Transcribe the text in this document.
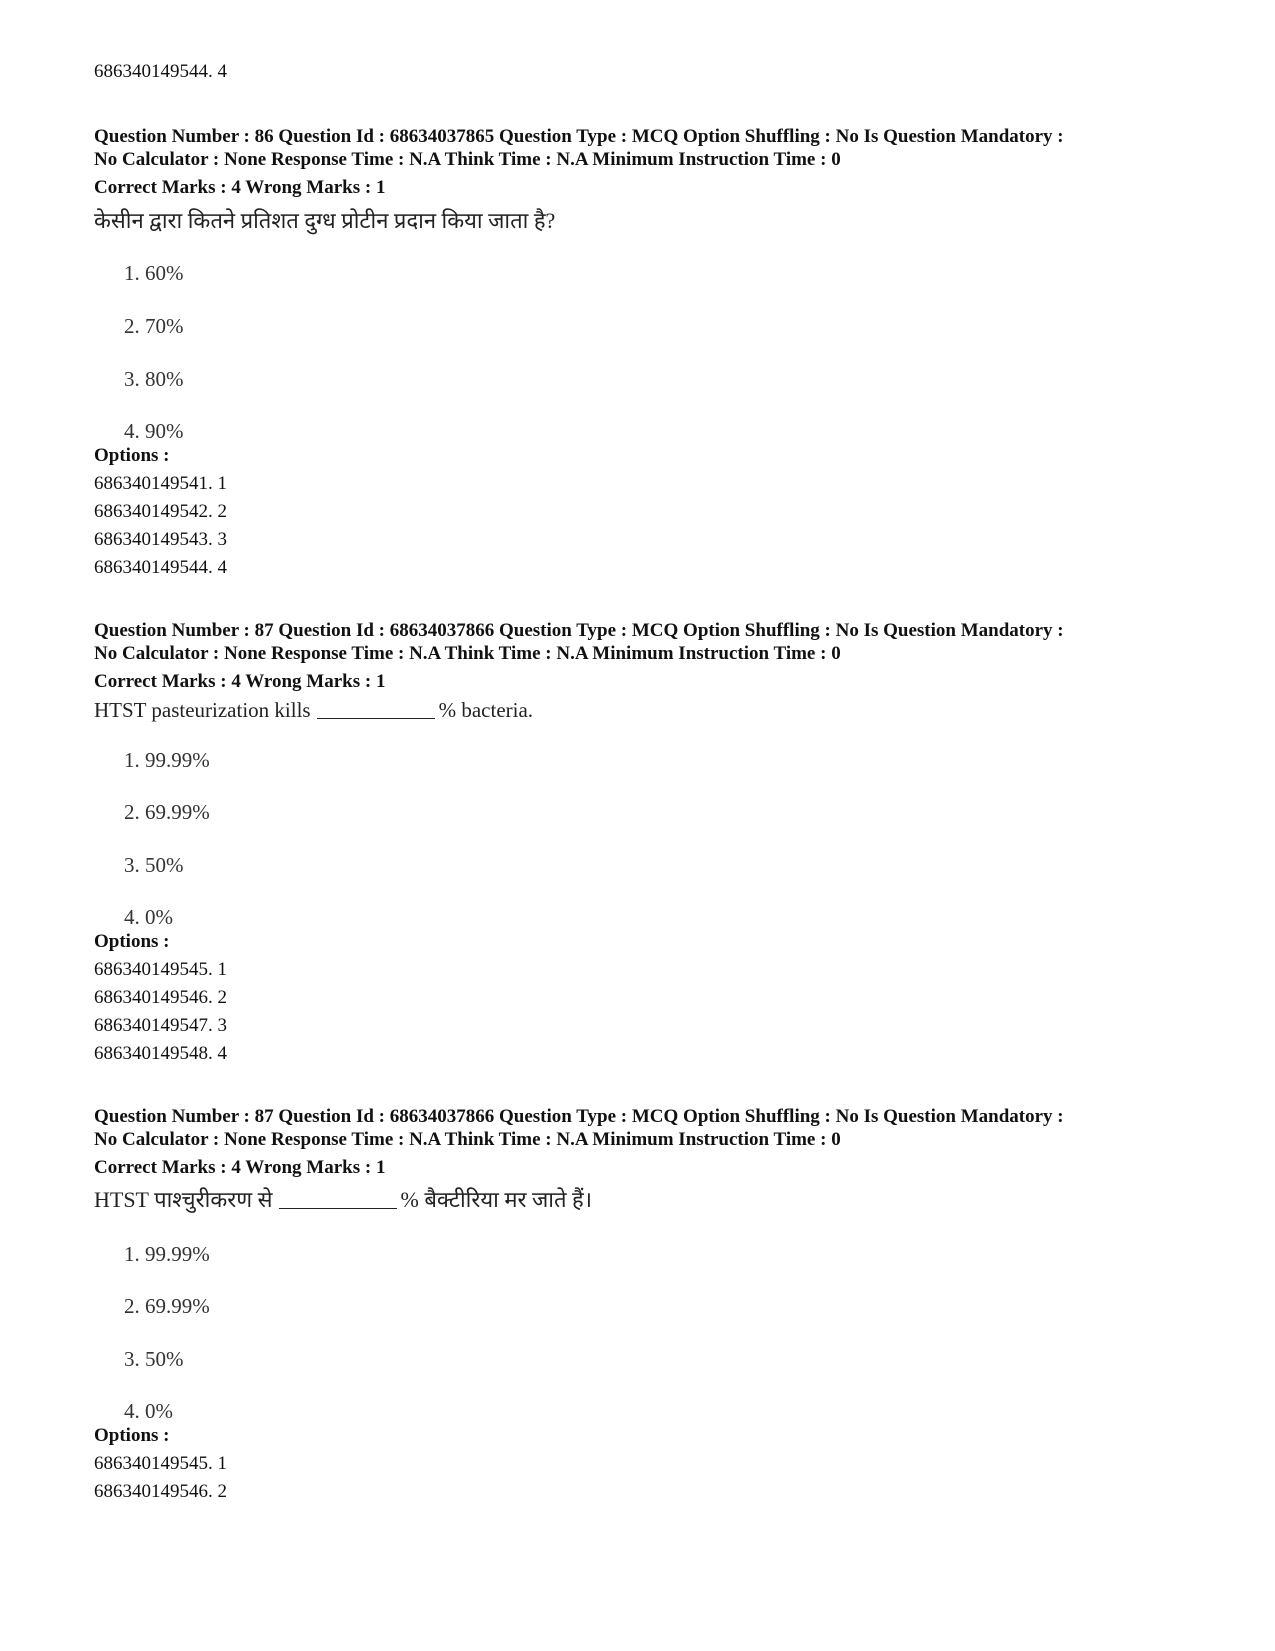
686340149544. 4
Question Number : 86 Question Id : 68634037865 Question Type : MCQ Option Shuffling : No Is Question Mandatory :
No Calculator : None Response Time : N.A Think Time : N.A Minimum Instruction Time : 0
Correct Marks : 4 Wrong Marks : 1
केसीन द्वारा कितने प्रतिशत दुग्ध प्रोटीन प्रदान किया जाता है?
1. 60%
2. 70%
3. 80%
4. 90%
Options :
686340149541. 1
686340149542. 2
686340149543. 3
686340149544. 4
Question Number : 87 Question Id : 68634037866 Question Type : MCQ Option Shuffling : No Is Question Mandatory :
No Calculator : None Response Time : N.A Think Time : N.A Minimum Instruction Time : 0
Correct Marks : 4 Wrong Marks : 1
HTST pasteurization kills	% bacteria.
1. 99.99%
2. 69.99%
3. 50%
4. 0%
Options :
686340149545. 1
686340149546. 2
686340149547. 3
686340149548. 4
Question Number : 87 Question Id : 68634037866 Question Type : MCQ Option Shuffling : No Is Question Mandatory :
No Calculator : None Response Time : N.A Think Time : N.A Minimum Instruction Time : 0
Correct Marks : 4 Wrong Marks : 1
HTST पाश्चुरीकरण से	% बैक्टीरिया मर जाते हैं।
1. 99.99%
2. 69.99%
3. 50%
4. 0%
Options :
686340149545. 1
686340149546. 2
